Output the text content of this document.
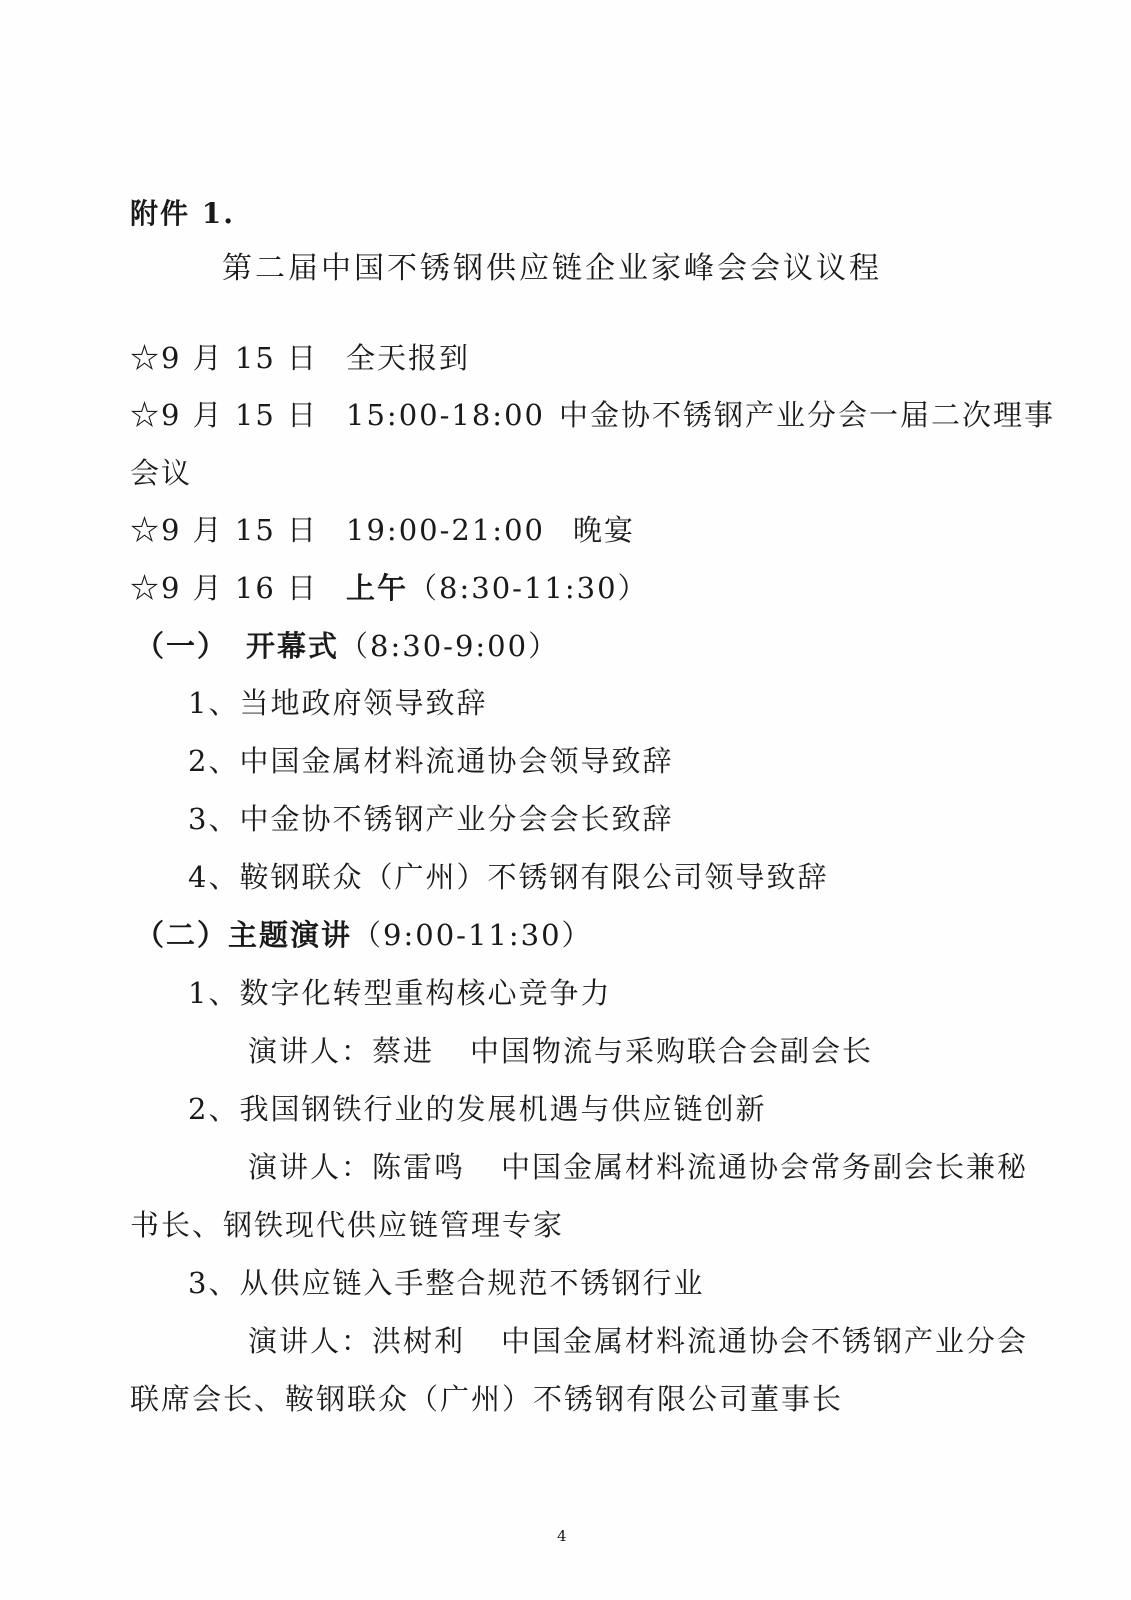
附件 1.
第二届中国不锈钢供应链企业家峰会会议议程
☆9 月 15 日 全天报到
☆9 月 15 日 15:00-18:00 中金协不锈钢产业分会一届二次理事
会议
☆9 月 15 日 19:00-21:00 晚宴
☆9 月 16 日 上午（8:30-11:30）
（一） 开幕式（8:30-9:00）
1、当地政府领导致辞
2、中国金属材料流通协会领导致辞
3、中金协不锈钢产业分会会长致辞
4、鞍钢联众（广州）不锈钢有限公司领导致辞
（二）主题演讲（9:00-11:30）
1、数字化转型重构核心竞争力
演讲人：蔡进 中国物流与采购联合会副会长
2、我国钢铁行业的发展机遇与供应链创新
演讲人：陈雷鸣 中国金属材料流通协会常务副会长兼秘
书长、钢铁现代供应链管理专家
3、从供应链入手整合规范不锈钢行业
演讲人：洪树利 中国金属材料流通协会不锈钢产业分会
联席会长、鞍钢联众（广州）不锈钢有限公司董事长
4
